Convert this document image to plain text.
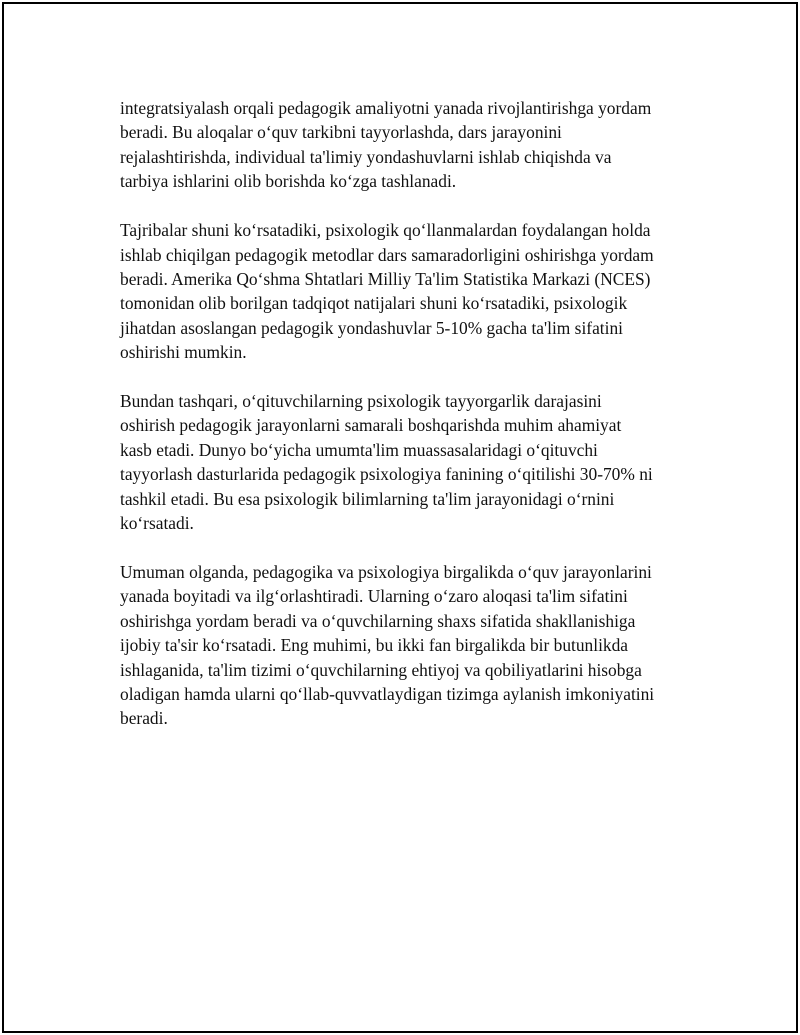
integratsiyalash orqali pedagogik amaliyotni yanada rivojlantirishga yordam
beradi. Bu aloqalar o‘quv tarkibni tayyorlashda, dars jarayonini
rejalashtirishda, individual ta'limiy yondashuvlarni ishlab chiqishda va
tarbiya ishlarini olib borishda ko‘zga tashlanadi.

Tajribalar shuni ko‘rsatadiki, psixologik qo‘llanmalardan foydalangan holda
ishlab chiqilgan pedagogik metodlar dars samaradorligini oshirishga yordam
beradi. Amerika Qo‘shma Shtatlari Milliy Ta'lim Statistika Markazi (NCES)
tomonidan olib borilgan tadqiqot natijalari shuni ko‘rsatadiki, psixologik
jihatdan asoslangan pedagogik yondashuvlar 5-10% gacha ta'lim sifatini
oshirishi mumkin.

Bundan tashqari, o‘qituvchilarning psixologik tayyorgarlik darajasini
oshirish pedagogik jarayonlarni samarali boshqarishda muhim ahamiyat
kasb etadi. Dunyo bo‘yicha umumta'lim muassasalaridagi o‘qituvchi
tayyorlash dasturlarida pedagogik psixologiya fanining o‘qitilishi 30-70% ni
tashkil etadi. Bu esa psixologik bilimlarning ta'lim jarayonidagi o‘rnini
ko‘rsatadi.

Umuman olganda, pedagogika va psixologiya birgalikda o‘quv jarayonlarini
yanada boyitadi va ilg‘orlashtiradi. Ularning o‘zaro aloqasi ta'lim sifatini
oshirishga yordam beradi va o‘quvchilarning shaxs sifatida shakllanishiga
ijobiy ta'sir ko‘rsatadi. Eng muhimi, bu ikki fan birgalikda bir butunlikda
ishlaganida, ta'lim tizimi o‘quvchilarning ehtiyoj va qobiliyatlarini hisobga
oladigan hamda ularni qo‘llab-quvvatlaydigan tizimga aylanish imkoniyatini
beradi.
